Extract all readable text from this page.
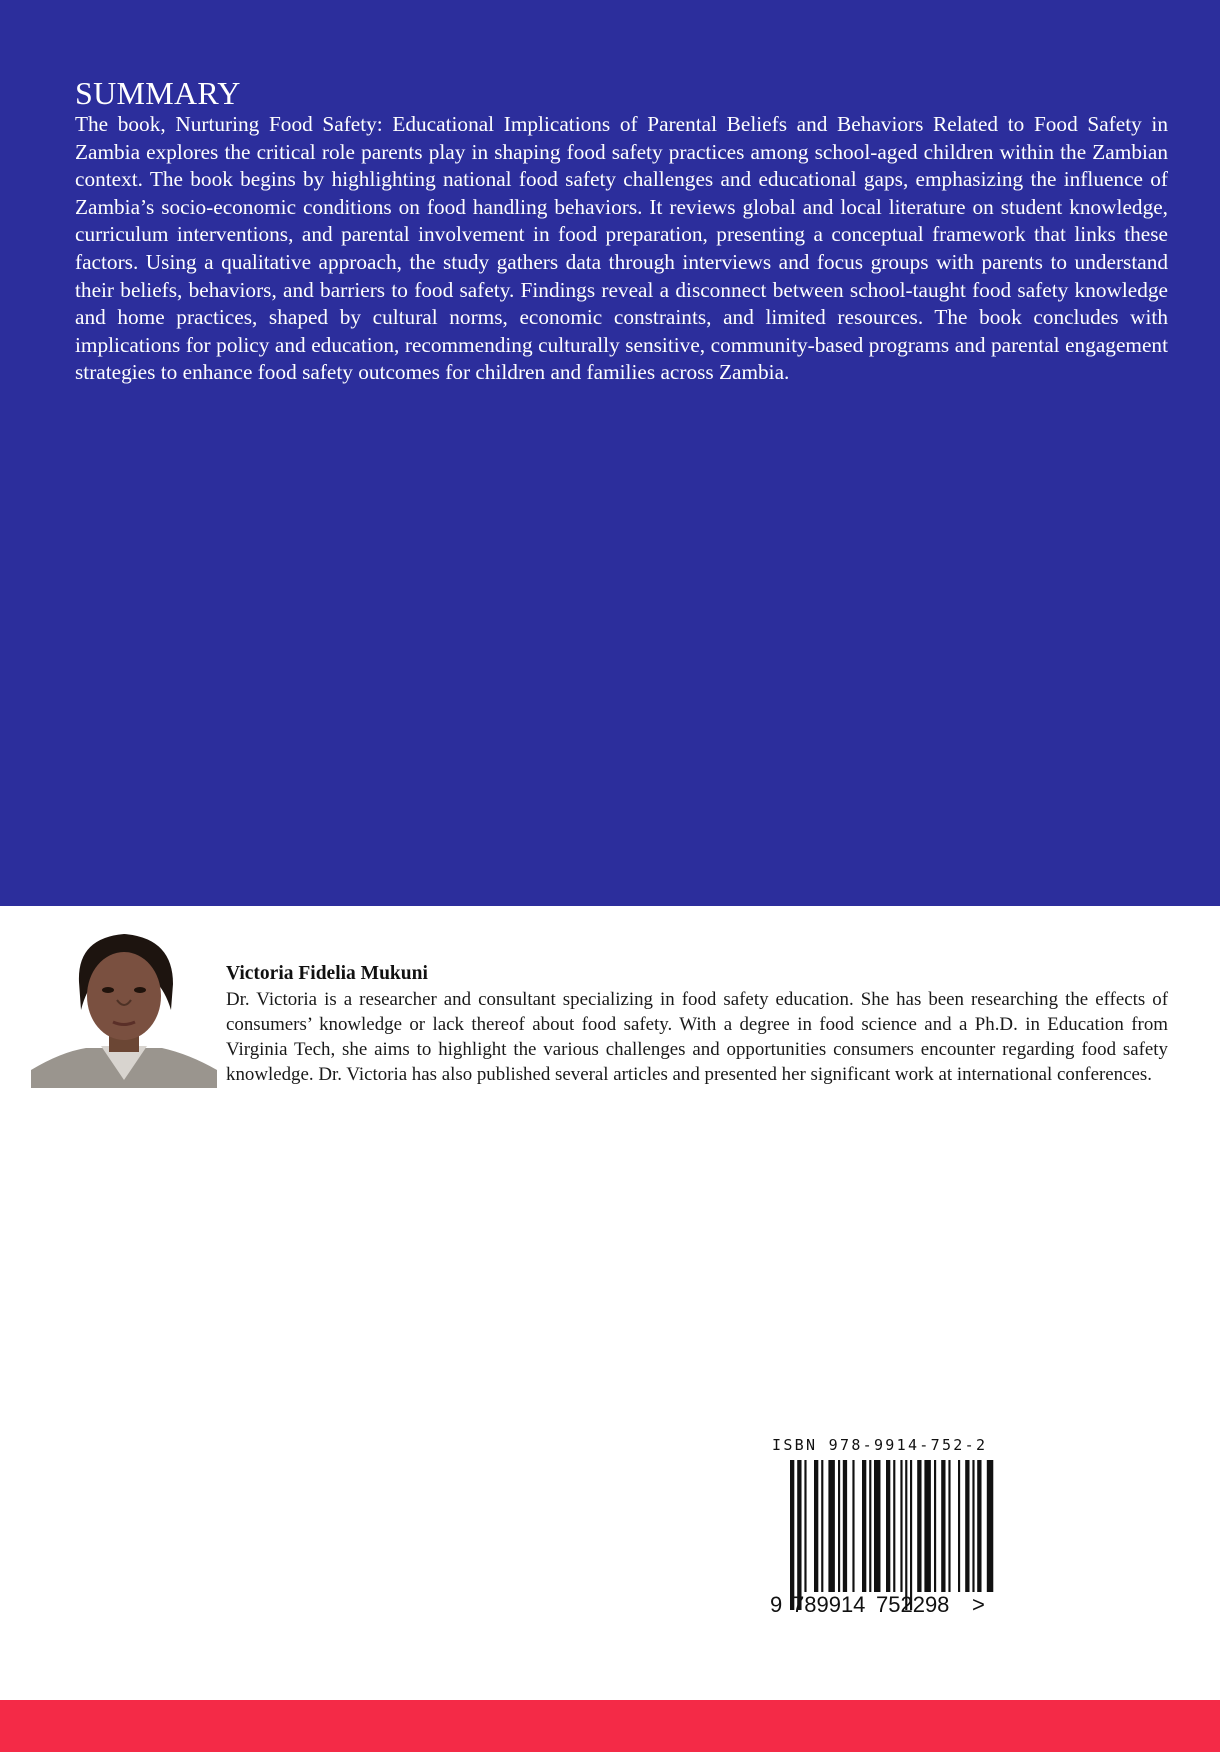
SUMMARY

The book, Nurturing Food Safety: Educational Implications of Parental Beliefs and Behaviors Related to Food Safety in Zambia explores the critical role parents play in shaping food safety practices among school-aged children within the Zambian context. The book begins by highlighting national food safety challenges and educational gaps, emphasizing the influence of Zambia’s socio-economic conditions on food handling behaviors. It reviews global and local literature on student knowledge, curriculum interventions, and parental involvement in food preparation, presenting a conceptual framework that links these factors. Using a qualitative approach, the study gathers data through interviews and focus groups with parents to understand their beliefs, behaviors, and barriers to food safety. Findings reveal a disconnect between school-taught food safety knowledge and home practices, shaped by cultural norms, economic constraints, and limited resources. The book concludes with implications for policy and education, recommending culturally sensitive, community-based programs and parental engagement strategies to enhance food safety outcomes for children and families across Zambia.

Victoria Fidelia Mukuni

Dr. Victoria is a researcher and consultant specializing in food safety education. She has been researching the effects of consumers’ knowledge or lack thereof about food safety. With a degree in food science and a Ph.D. in Education from Virginia Tech, she aims to highlight the various challenges and opportunities consumers encounter regarding food safety knowledge. Dr. Victoria has also published several articles and presented her significant work at international conferences.

ISBN 978-9914-752-2
9 789914 752298 >
